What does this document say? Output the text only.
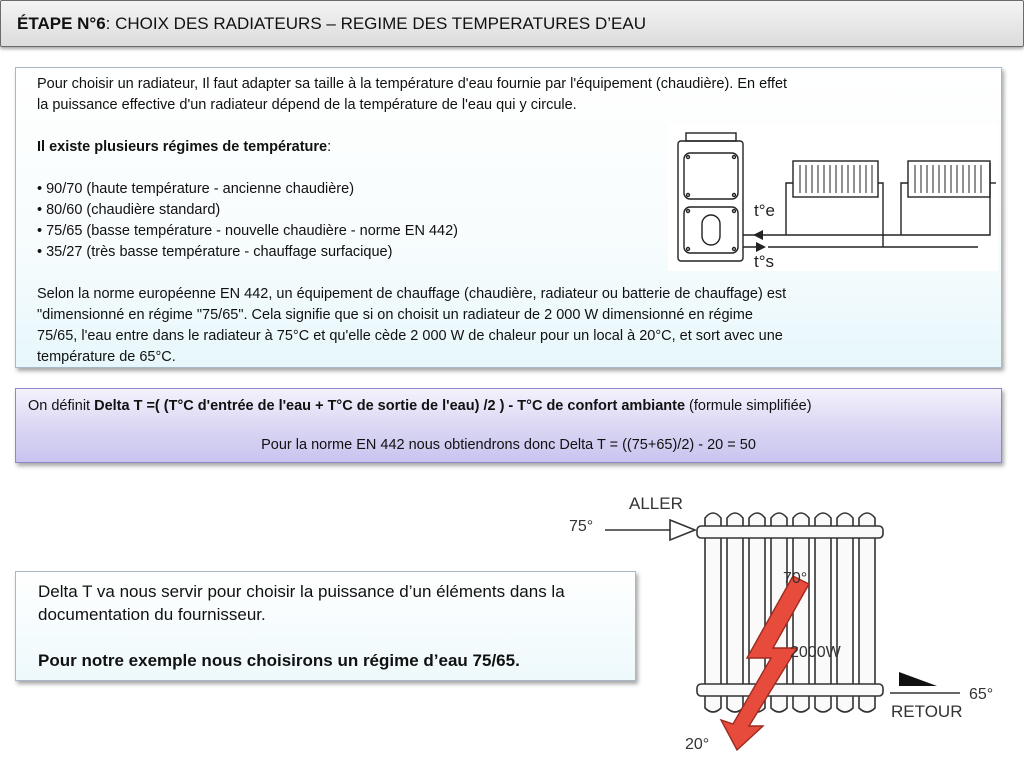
ÉTAPE N°6: CHOIX DES RADIATEURS – REGIME DES TEMPERATURES D’EAU

Pour choisir un radiateur, Il faut adapter sa taille à la température d'eau fournie par l'équipement (chaudière). En effet la puissance effective d'un radiateur dépend de la température de l'eau qui y circule.

Il existe plusieurs régimes de température:

• 90/70 (haute température - ancienne chaudière)

• 80/60 (chaudière standard)

• 75/65 (basse température - nouvelle chaudière - norme EN 442)

• 35/27 (très basse température - chauffage surfacique)

Selon la norme européenne EN 442, un équipement de chauffage (chaudière, radiateur ou batterie de chauffage) est "dimensionné en régime "75/65". Cela signifie que si on choisit un radiateur de 2 000 W dimensionné en régime 75/65, l'eau entre dans le radiateur à 75°C et qu'elle cède 2 000 W de chaleur pour un local à 20°C, et sort avec une température de 65°C.

t°e
t°s
On définit Delta T =( (T°C d'entrée de l'eau + T°C de sortie de l'eau) /2 ) - T°C de confort ambiante (formule simplifiée)
Pour la norme EN 442 nous obtiendrons donc Delta T = ((75+65)/2) - 20 = 50

Delta T va nous servir pour choisir la puissance d’un éléments dans la documentation du fournisseur.

Pour notre exemple nous choisirons un régime d’eau 75/65.

ALLER
75°
70°
2000W
RETOUR
65°
20°
